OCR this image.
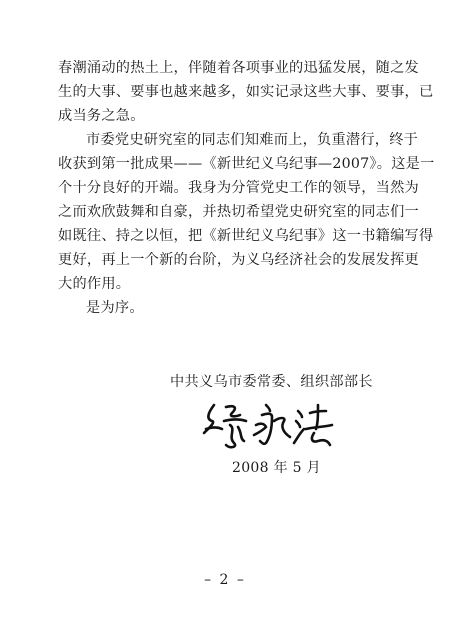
春潮涌动的热土上，伴随着各项事业的迅猛发展，随之发
生的大事、要事也越来越多，如实记录这些大事、要事，已
成当务之急。
市委党史研究室的同志们知难而上，负重潜行，终于
收获到第一批成果——《新世纪义乌纪事—2007》。这是一
个十分良好的开端。我身为分管党史工作的领导，当然为
之而欢欣鼓舞和自豪，并热切希望党史研究室的同志们一
如既往、持之以恒，把《新世纪义乌纪事》这一书籍编写得
更好，再上一个新的台阶，为义乌经济社会的发展发挥更
大的作用。
是为序。
中共义乌市委常委、组织部部长
2008 年 5 月
– 2 –
